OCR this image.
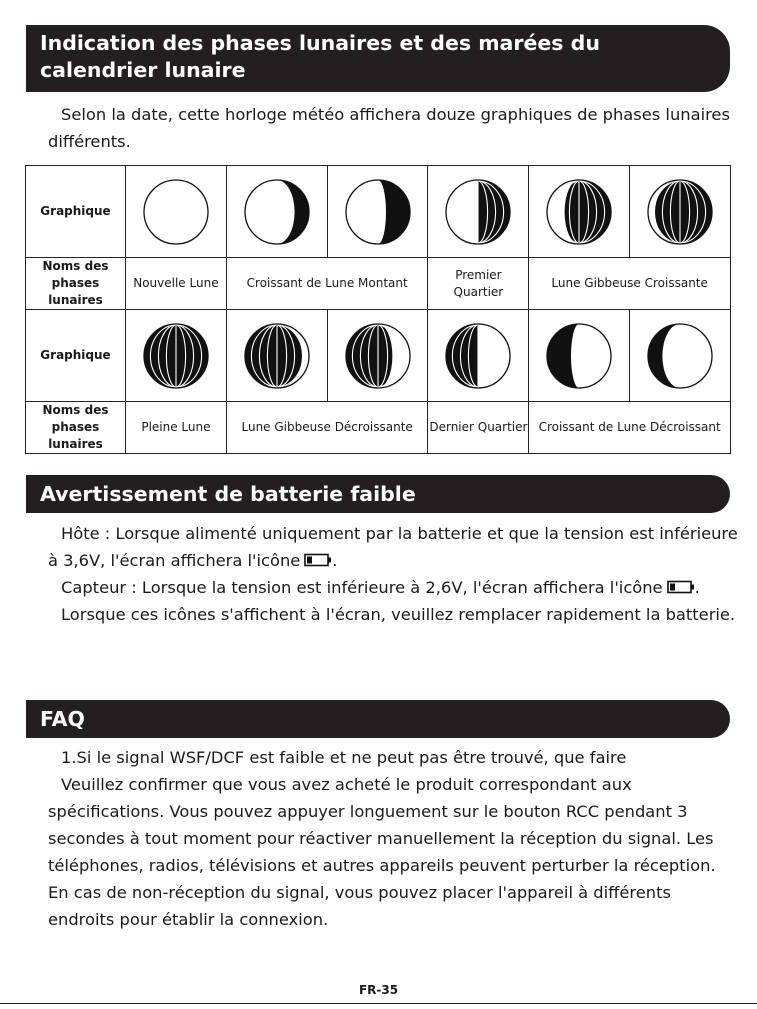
Indication des phases lunaires et des marées du calendrier lunaire

Selon la date, cette horloge météo affichera douze graphiques de phases lunaires différents.

Graphique	

Noms des phases lunaires	Nouvelle Lune	Croissant de Lune Montant		Premier Quartier	Lune Gibbeuse Croissante	
Graphique	

Noms des phases lunaires	Pleine Lune	Lune Gibbeuse Décroissante		Dernier Quartier	Croissant de Lune Décroissant	
Avertissement de batterie faible

Hôte : Lorsque alimenté uniquement par la batterie et que la tension est inférieure à 3,6V, l'écran affichera l'icône .

Capteur : Lorsque la tension est inférieure à 2,6V, l'écran affichera l'icône .

Lorsque ces icônes s'affichent à l'écran, veuillez remplacer rapidement la batterie.

FAQ

1.Si le signal WSF/DCF est faible et ne peut pas être trouvé, que faire

Veuillez confirmer que vous avez acheté le produit correspondant aux spécifications. Vous pouvez appuyer longuement sur le bouton RCC pendant 3 secondes à tout moment pour réactiver manuellement la réception du signal. Les téléphones, radios, télévisions et autres appareils peuvent perturber la réception. En cas de non-réception du signal, vous pouvez placer l'appareil à différents endroits pour établir la connexion.

FR-35
